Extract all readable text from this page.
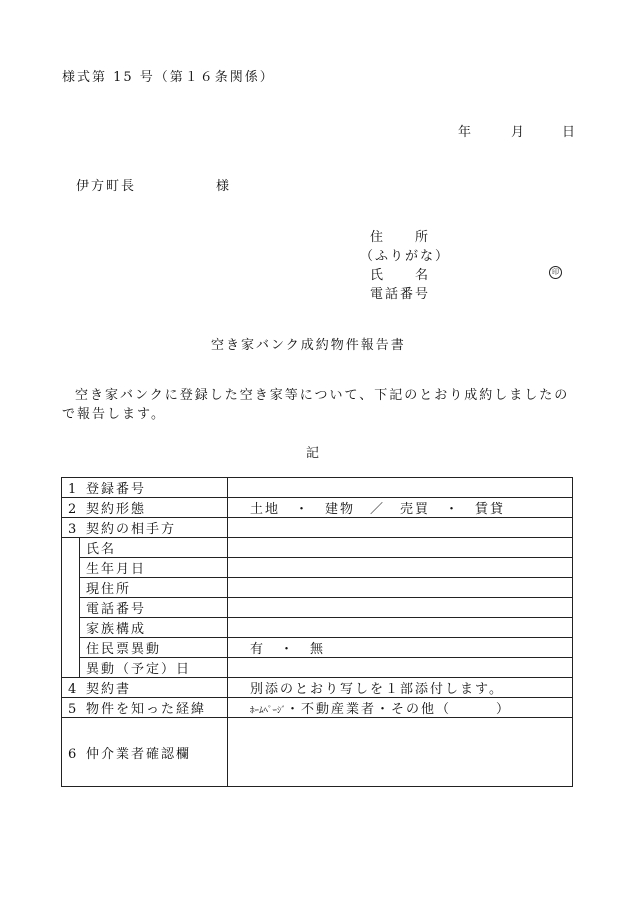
様式第 15 号（第１６条関係）
年	月	日
伊方町長	様
住　　所
（ふりがな）
氏　　名
電話番号
印
空き家バンク成約物件報告書
空き家バンクに登録した空き家等について、下記のとおり成約しましたので報告します。
記
1 登録番号		
2 契約形態		土地　・　建物　／　売買　・　賃貸
3 契約の相手方		
	氏名	
	生年月日	
	現住所	
	電話番号	
	家族構成	
	住民票異動	有　・　無
	異動（予定）日	
4 契約書		別添のとおり写しを１部添付します。
5 物件を知った経緯		ﾎｰﾑﾍﾟｰｼﾞ・不動産業者・その他（　　　）
6 仲介業者確認欄		
